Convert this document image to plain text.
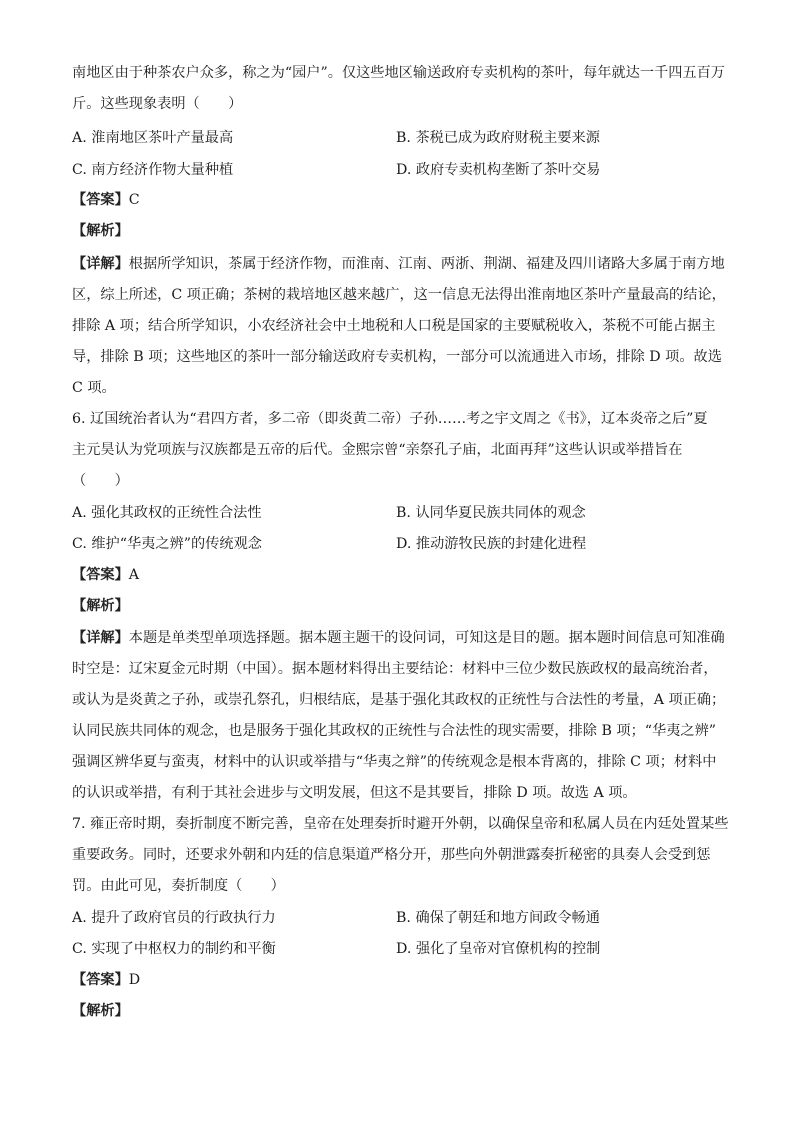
南地区由于种茶农户众多，称之为“园户”。仅这些地区输送政府专卖机构的茶叶，每年就达一千四五百万
斤。这些现象表明（　　）
A. 淮南地区茶叶产量最高	B. 茶税已成为政府财税主要来源
C. 南方经济作物大量种植	D. 政府专卖机构垄断了茶叶交易
【答案】C
【解析】
【详解】根据所学知识，茶属于经济作物，而淮南、江南、两浙、荆湖、福建及四川诸路大多属于南方地
区，综上所述，C 项正确；茶树的栽培地区越来越广，这一信息无法得出淮南地区茶叶产量最高的结论，
排除 A 项；结合所学知识，小农经济社会中土地税和人口税是国家的主要赋税收入，茶税不可能占据主
导，排除 B 项；这些地区的茶叶一部分输送政府专卖机构，一部分可以流通进入市场，排除 D 项。故选
C 项。
6. 辽国统治者认为“君四方者，多二帝（即炎黄二帝）子孙……考之宇文周之《书》，辽本炎帝之后”夏
主元昊认为党项族与汉族都是五帝的后代。金熙宗曾“亲祭孔子庙，北面再拜”这些认识或举措旨在
（　　）
A. 强化其政权的正统性合法性	B. 认同华夏民族共同体的观念
C. 维护“华夷之辨”的传统观念	D. 推动游牧民族的封建化进程
【答案】A
【解析】
【详解】本题是单类型单项选择题。据本题主题干的设问词，可知这是目的题。据本题时间信息可知准确
时空是：辽宋夏金元时期（中国）。据本题材料得出主要结论：材料中三位少数民族政权的最高统治者，
或认为是炎黄之子孙，或崇孔祭孔，归根结底，是基于强化其政权的正统性与合法性的考量，A 项正确；
认同民族共同体的观念，也是服务于强化其政权的正统性与合法性的现实需要，排除 B 项；“华夷之辨”
强调区辨华夏与蛮夷，材料中的认识或举措与“华夷之辩”的传统观念是根本背离的，排除 C 项；材料中
的认识或举措，有利于其社会进步与文明发展，但这不是其要旨，排除 D 项。故选 A 项。
7. 雍正帝时期，奏折制度不断完善，皇帝在处理奏折时避开外朝，以确保皇帝和私属人员在内廷处置某些
重要政务。同时，还要求外朝和内廷的信息渠道严格分开，那些向外朝泄露奏折秘密的具奏人会受到惩
罚。由此可见，奏折制度（　　）
A. 提升了政府官员的行政执行力	B. 确保了朝廷和地方间政令畅通
C. 实现了中枢权力的制约和平衡	D. 强化了皇帝对官僚机构的控制
【答案】D
【解析】
